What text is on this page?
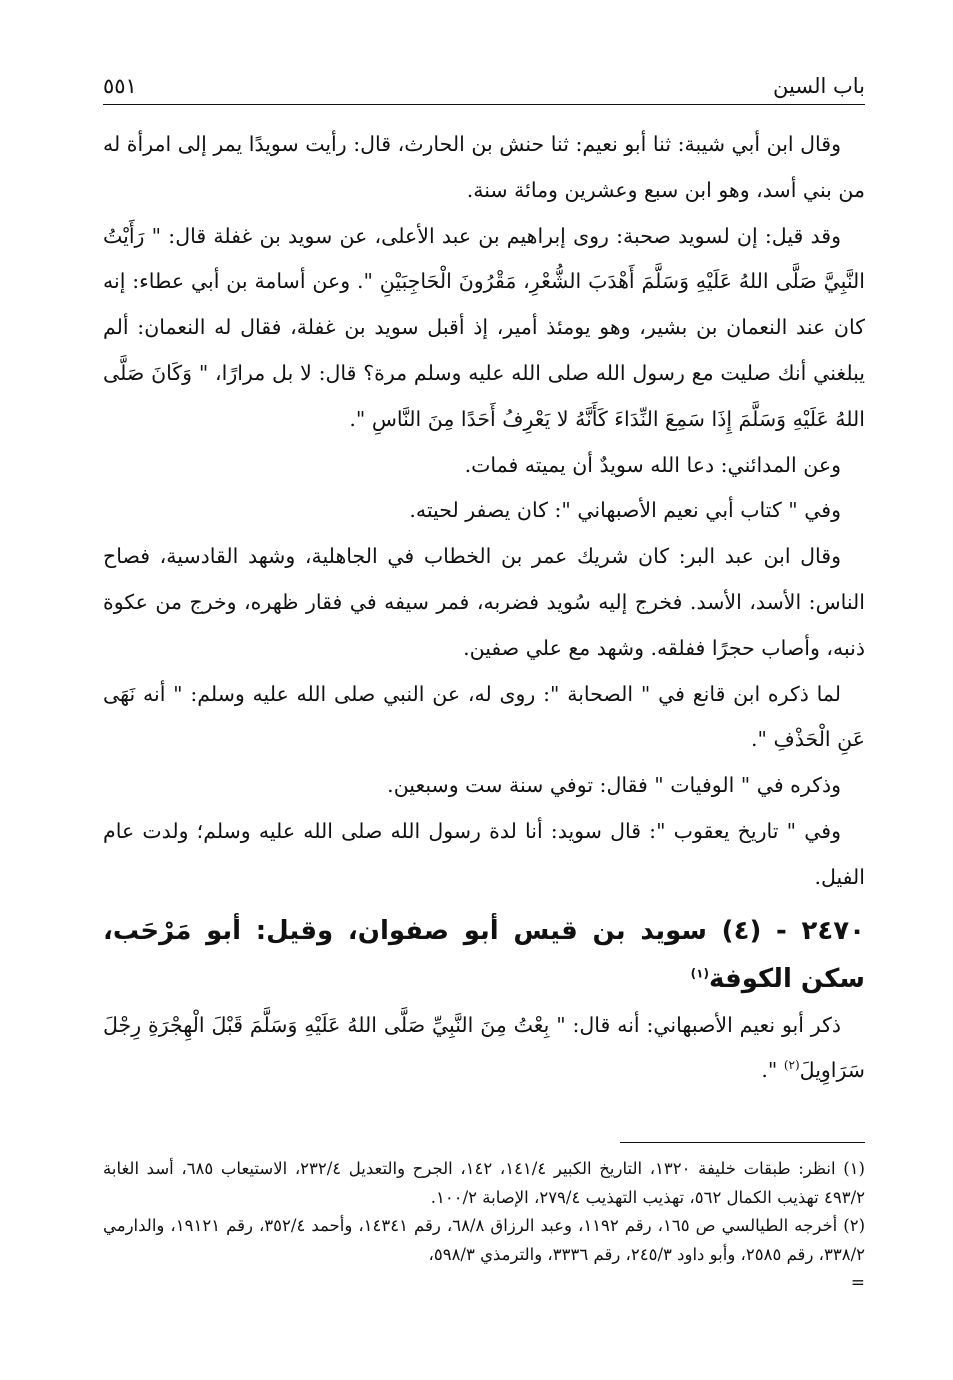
باب السين
٥٥١

وقال ابن أبي شيبة: ثنا أبو نعيم: ثنا حنش بن الحارث، قال: رأيت سويدًا يمر إلى امرأة له من بني أسد، وهو ابن سبع وعشرين ومائة سنة.

وقد قيل: إن لسويد صحبة: روى إبراهيم بن عبد الأعلى، عن سويد بن غفلة قال: " رَأَيْتُ النَّبِيَّ صَلَّى اللهُ عَلَيْهِ وَسَلَّمَ أَهْدَبَ الشُّعْرِ، مَقْرُونَ الْحَاجِبَيْنِ ". وعن أسامة بن أبي عطاء: إنه كان عند النعمان بن بشير، وهو يومئذ أمير، إذ أقبل سويد بن غفلة، فقال له النعمان: ألم يبلغني أنك صليت مع رسول الله صلى الله عليه وسلم مرة؟ قال: لا بل مرارًا، " وَكَانَ صَلَّى اللهُ عَلَيْهِ وَسَلَّمَ إِذَا سَمِعَ النِّدَاءَ كَأَنَّهُ لا يَعْرِفُ أَحَدًا مِنَ النَّاسِ ".

وعن المدائني: دعا الله سويدٌ أن يميته فمات.

وفي " كتاب أبي نعيم الأصبهاني ": كان يصفر لحيته.

وقال ابن عبد البر: كان شريك عمر بن الخطاب في الجاهلية، وشهد القادسية، فصاح الناس: الأسد، الأسد. فخرج إليه سُويد فضربه، فمر سيفه في فقار ظهره، وخرج من عكوة ذنبه، وأصاب حجرًا ففلقه. وشهد مع علي صفين.

لما ذكره ابن قانع في " الصحابة ": روى له، عن النبي صلى الله عليه وسلم: " أنه نَهَى عَنِ الْحَذْفِ ".

وذكره في " الوفيات " فقال: توفي سنة ست وسبعين.

وفي " تاريخ يعقوب ": قال سويد: أنا لدة رسول الله صلى الله عليه وسلم؛ ولدت عام الفيل.

٢٤٧٠ - (٤) سويد بن قيس أبو صفوان، وقيل: أبو مَرْحَب، سكن الكوفة$^{(١)}$

ذكر أبو نعيم الأصبهاني: أنه قال: " بِعْتُ مِنَ النَّبِيِّ صَلَّى اللهُ عَلَيْهِ وَسَلَّمَ قَبْلَ الْهِجْرَةِ رِجْلَ سَرَاوِيلَ$^{(٢)}$ ".

(١) انظر: طبقات خليفة ١٣٢٠، التاريخ الكبير ١٤١/٤، ١٤٢، الجرح والتعديل ٢٣٢/٤، الاستيعاب ٦٨٥، أسد الغابة ٤٩٣/٢ تهذيب الكمال ٥٦٢، تهذيب التهذيب ٢٧٩/٤، الإصابة ١٠٠/٢.

(٢) أخرجه الطيالسي ص ١٦٥، رقم ١١٩٢، وعبد الرزاق ٦٨/٨، رقم ١٤٣٤١، وأحمد ٣٥٢/٤، رقم ١٩١٢١، والدارمي ٣٣٨/٢، رقم ٢٥٨٥، وأبو داود ٢٤٥/٣، رقم ٣٣٣٦، والترمذي ٥٩٨/٣،

=
